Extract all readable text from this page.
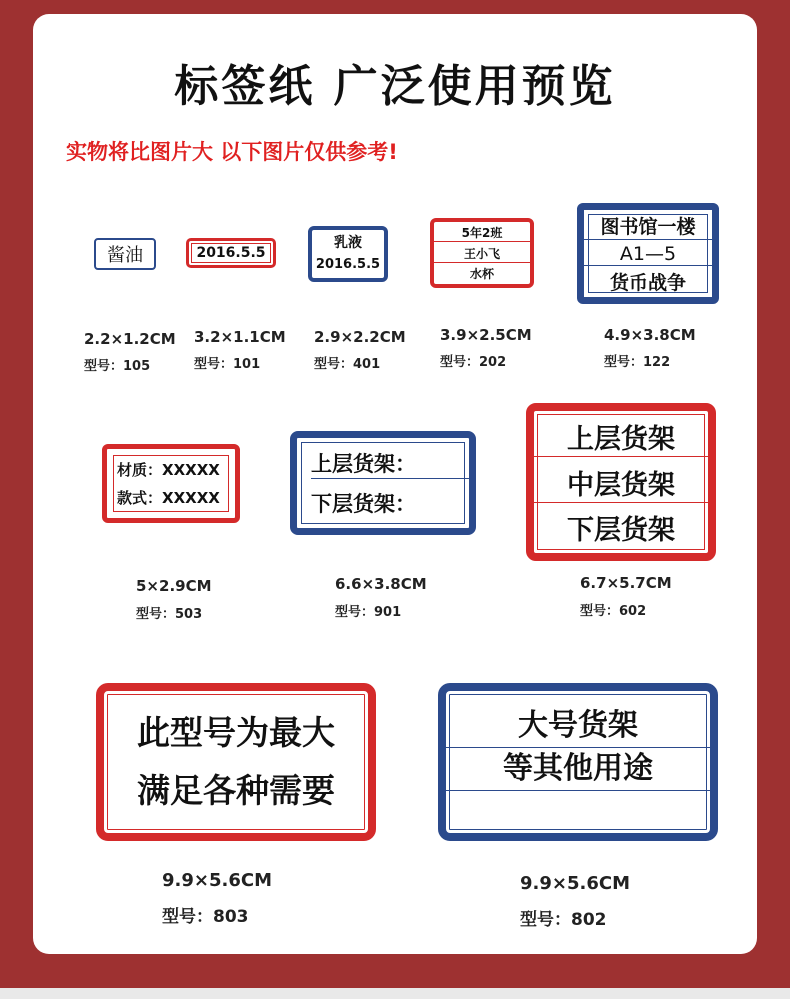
标签纸 广泛使用预览
实物将比图片大 以下图片仅供参考!
酱油
2.2×1.2CM
型号：105
2016.5.5
3.2×1.1CM
型号：101
乳液
2016.5.5
2.9×2.2CM
型号：401
5年2班
王小飞
水杯
3.9×2.5CM
型号：202
图书馆一楼
A1—5
货币战争
4.9×3.8CM
型号：122
材质：XXXXX
款式：XXXXX
5×2.9CM
型号：503
上层货架：
下层货架：
6.6×3.8CM
型号：901
上层货架
中层货架
下层货架
6.7×5.7CM
型号：602
此型号为最大
满足各种需要
9.9×5.6CM
型号：803
大号货架
等其他用途
9.9×5.6CM
型号：802
